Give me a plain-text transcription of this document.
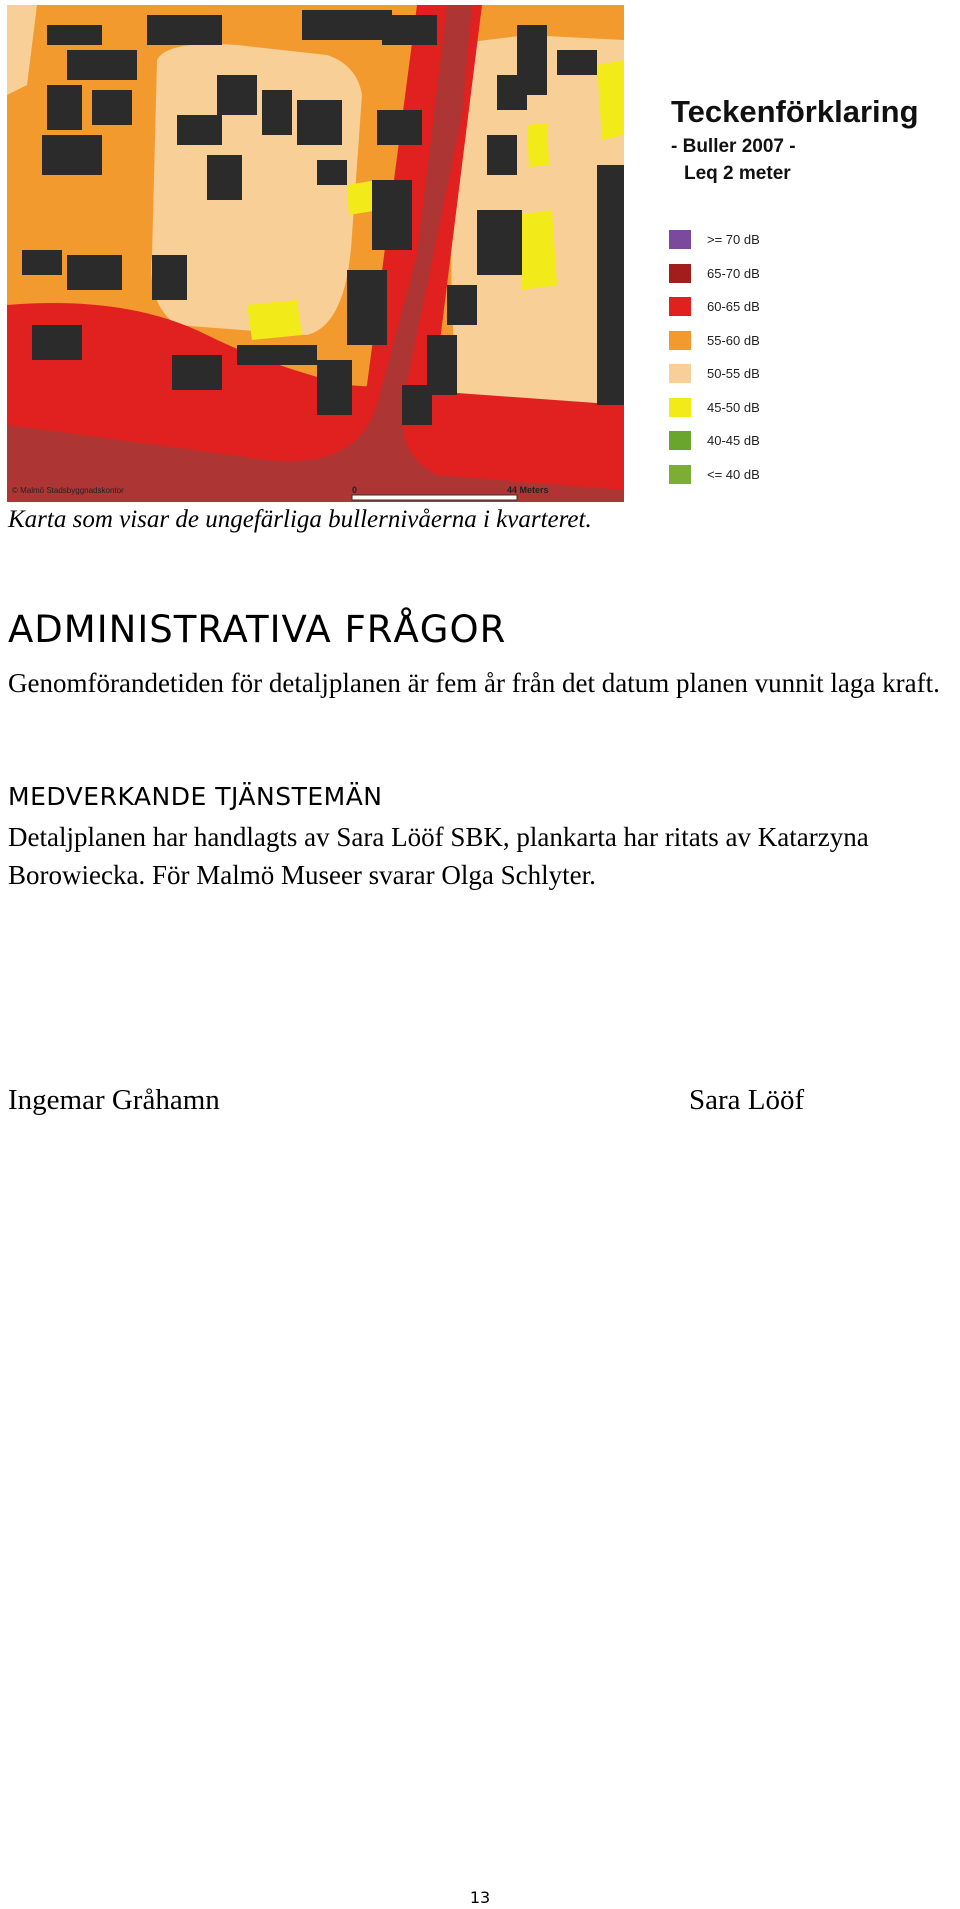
0	44 Meters
© Malmö Stadsbyggnadskontor
Teckenförklaring
- Buller 2007 -
Leq 2 meter
>= 70 dB
65-70 dB
60-65 dB
55-60 dB
50-55 dB
45-50 dB
40-45 dB
<= 40 dB
Karta som visar de ungefärliga bullernivåerna i kvarteret.
ADMINISTRATIVA FRÅGOR
Genomförandetiden för detaljplanen är fem år från det datum planen vunnit laga kraft.
MEDVERKANDE TJÄNSTEMÄN
Detaljplanen har handlagts av Sara Lööf SBK, plankarta har ritats av Katarzyna Borowiecka. För Malmö Museer svarar Olga Schlyter.
Ingemar Gråhamn	Sara Lööf
13
